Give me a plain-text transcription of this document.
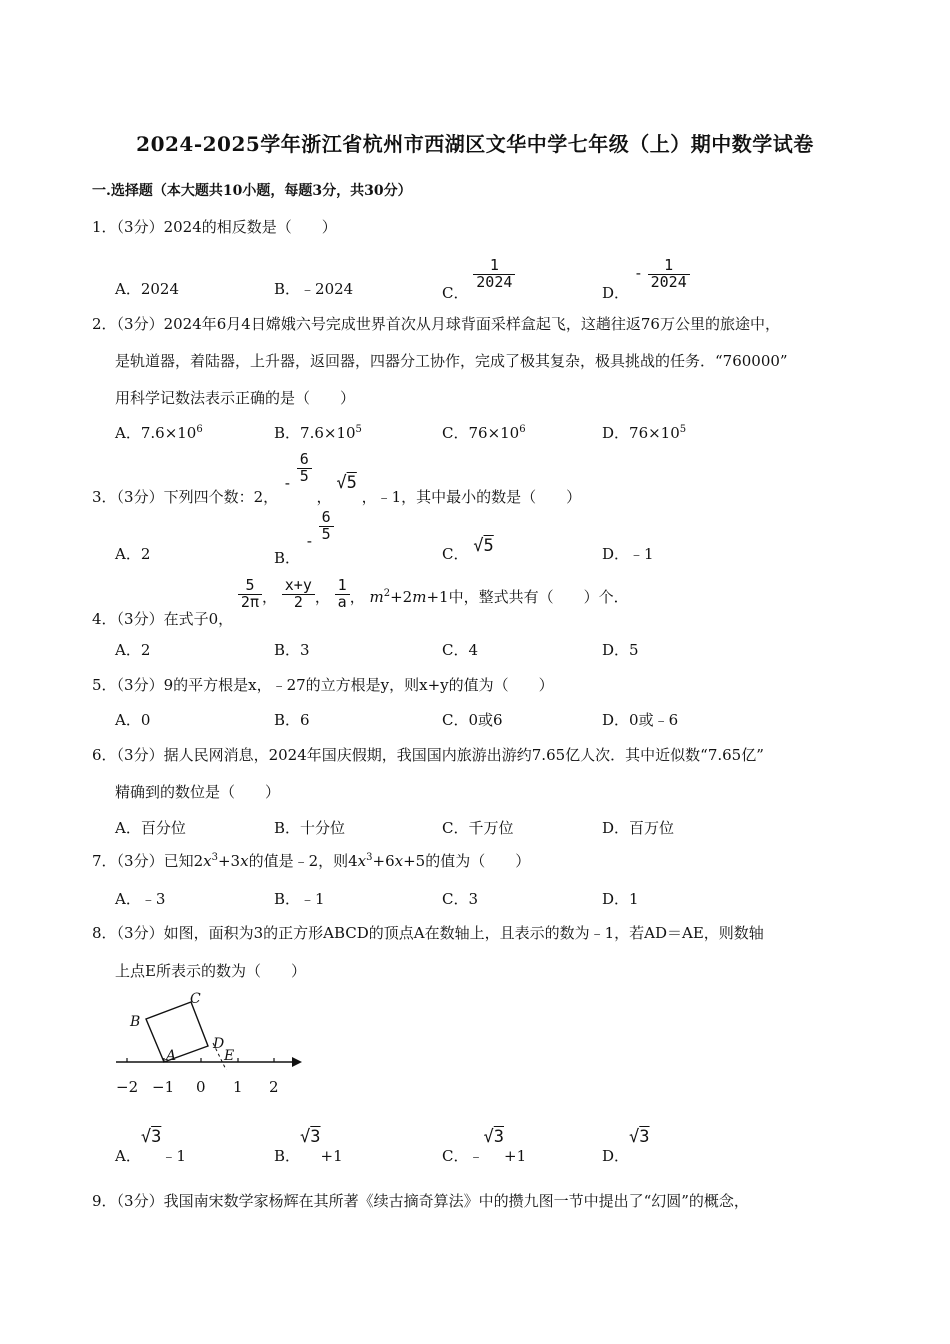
2024-2025学年浙江省杭州市西湖区文华中学七年级（上）期中数学试卷
一.选择题（本大题共10小题，每题3分，共30分）
1．（3分）2024的相反数是（　　）
A．2024	B．﹣2024	C．
$\frac{1}{2024}$
D． - $\frac{1}{2024}$
2．（3分）2024年6月4日嫦娥六号完成世界首次从月球背面采样盒起飞，这趟往返76万公里的旅途中，
是轨道器，着陆器，上升器，返回器，四器分工协作，完成了极其复杂，极具挑战的任务．“760000”
用科学记数法表示正确的是（　　）
A．$7.6\times 10^6$	B．$7.6\times 10^5$	C．$76\times 10^6$	D．$76\times 10^5$
3．（3分）下列四个数：2， - $\frac{6}{5}$
， √5 ，﹣1，其中最小的数是（　　）
A．2	B． - $\frac{6}{5}$
C． √5	D．﹣1
4．（3分）在式子0，
$\frac{5}{2\pi}$ ， $\frac{x+y}{2}$ ， $\frac{1}{a}$ ， $m^2+2m+1$中，整式共有（　　）个．
A．2	B．3	C．4	D．5
5．（3分）9的平方根是x，﹣27的立方根是y，则x+y的值为（　　）
A．0	B．6	C．0或6	D．0或﹣6
6．（3分）据人民网消息，2024年国庆假期，我国国内旅游出游约7.65亿人次．其中近似数“7.65亿”
精确到的数位是（　　）
A．百分位	B．十分位	C．千万位	D．百万位
7．（3分）已知$2x^3+3x$的值是﹣2，则$4x^3+6x+5$的值为（　　）
A．﹣3	B．﹣1	C．3	D．1
8．（3分）如图，面积为3的正方形ABCD的顶点A在数轴上，且表示的数为﹣1，若AD＝AE，则数轴
上点E所表示的数为（　　）
B
C
A
D
E
−2 −1 0 1 2
A．√3﹣1	B．√3+1	C．﹣√3+1	D．√3
9．（3分）我国南宋数学家杨辉在其所著《续古摘奇算法》中的攒九图一节中提出了“幻圆”的概念，
